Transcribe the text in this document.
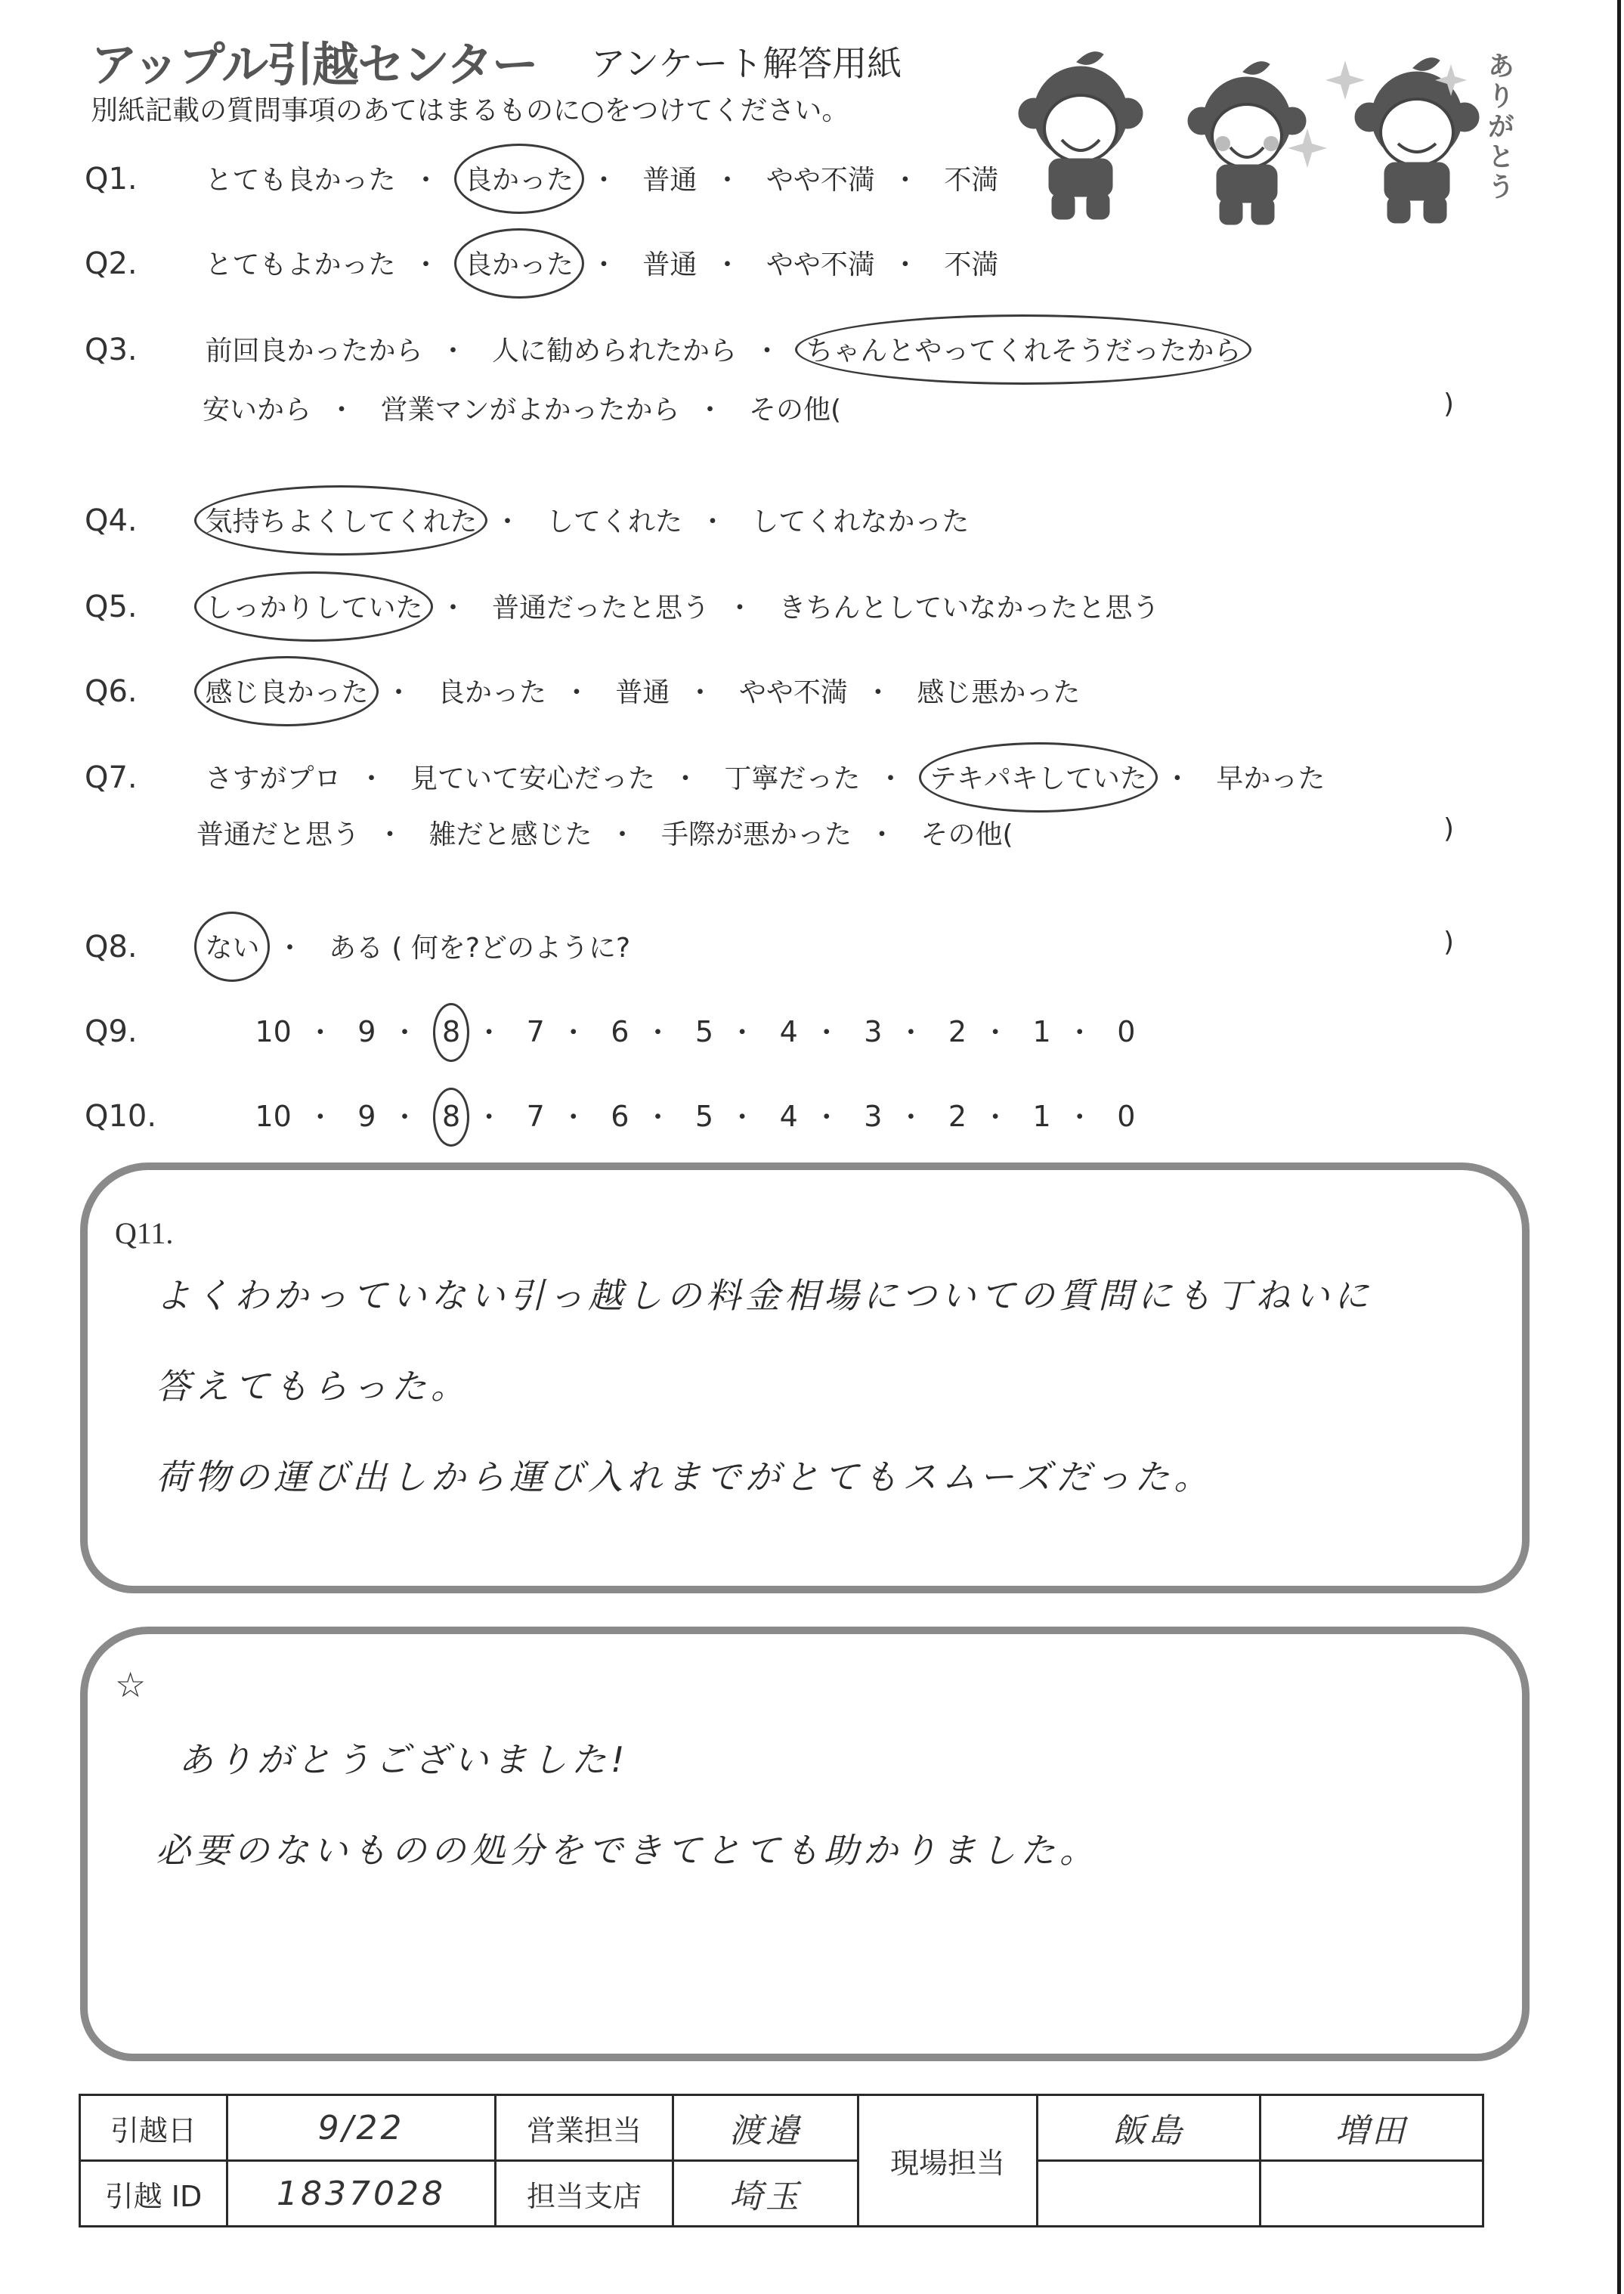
アップル引越センター アンケート解答用紙
別紙記載の質問事項のあてはまるものに○をつけてください。	ありがとう
Q1. とても良かった ・ 良かった ・ 普通 ・ やや不満 ・ 不満
Q2. とてもよかった ・ 良かった ・ 普通 ・ やや不満 ・ 不満
Q3. 前回良かったから ・ 人に勧められたから ・ ちゃんとやってくれそうだったから
安いから ・ 営業マンがよかったから ・ その他(	)
Q4. 気持ちよくしてくれた ・ してくれた ・ してくれなかった
Q5. しっかりしていた ・ 普通だったと思う ・ きちんとしていなかったと思う
Q6. 感じ良かった ・ 良かった ・ 普通 ・ やや不満 ・ 感じ悪かった
Q7. さすがプロ ・ 見ていて安心だった ・ 丁寧だった ・ テキパキしていた ・ 早かった
普通だと思う ・ 雑だと感じた ・ 手際が悪かった ・ その他(	)
Q8. ない ・ ある ( 何を?どのように?	)
Q9.	10 ・ 9 ・ 8 ・ 7 ・ 6 ・ 5 ・ 4 ・ 3 ・ 2 ・ 1 ・ 0
Q10.	10 ・ 9 ・ 8 ・ 7 ・ 6 ・ 5 ・ 4 ・ 3 ・ 2 ・ 1 ・ 0
Q11.
よくわかっていない引っ越しの料金相場についての質問にも丁ねいに
答えてもらった。
荷物の運び出しから運び入れまでがとてもスムーズだった。
☆
ありがとうございました!
必要のないものの処分をできてとても助かりました。
引越日	9/22	営業担当	渡邉	現場担当	飯島	増田
引越 ID	1837028	担当支店	埼玉			
